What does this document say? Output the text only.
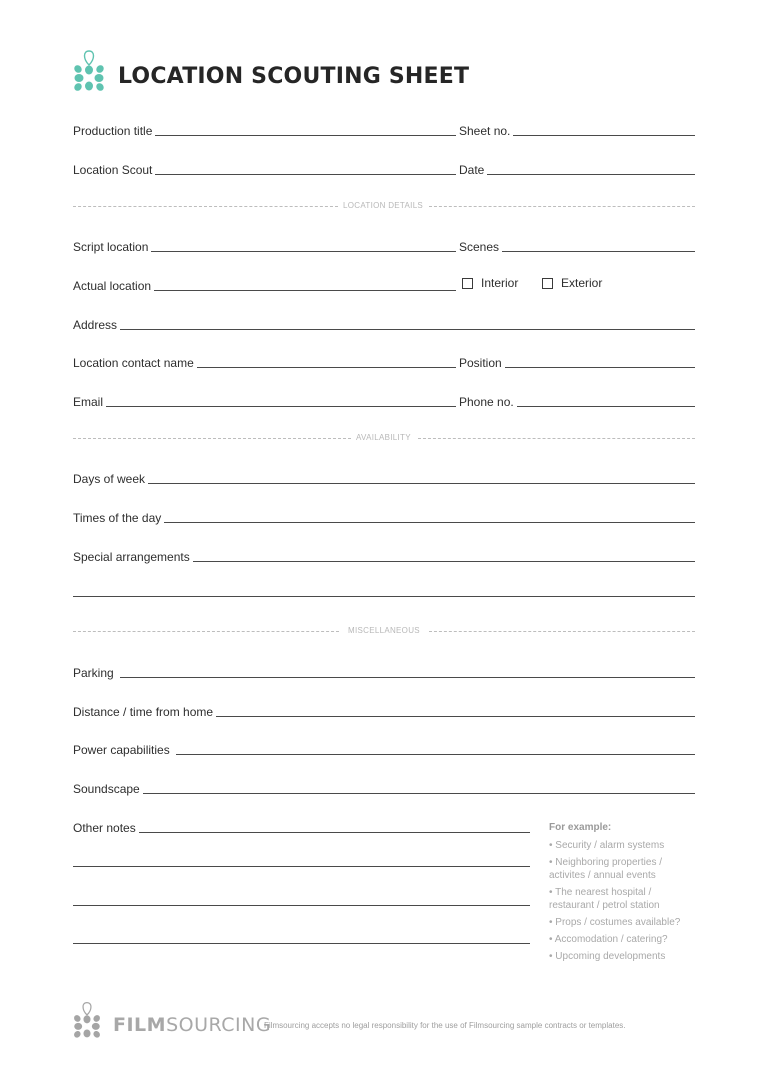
LOCATION SCOUTING SHEET
Production title	Sheet no.
Location Scout	Date
LOCATION DETAILS
Script location	Scenes
Actual location	Interior	Exterior
Address
Location contact name	Position
Email	Phone no.
AVAILABILITY
Days of week
Times of the day
Special arrangements
MISCELLANEOUS
Parking
Distance / time from home
Power capabilities
Soundscape
Other notes	For example:
• Security / alarm systems
• Neighboring properties / activites / annual events
• The nearest hospital / restaurant / petrol station
• Props / costumes available?
• Accomodation / catering?
• Upcoming developments
FILMSOURCING
Filmsourcing accepts no legal responsibility for the use of Filmsourcing sample contracts or templates.
